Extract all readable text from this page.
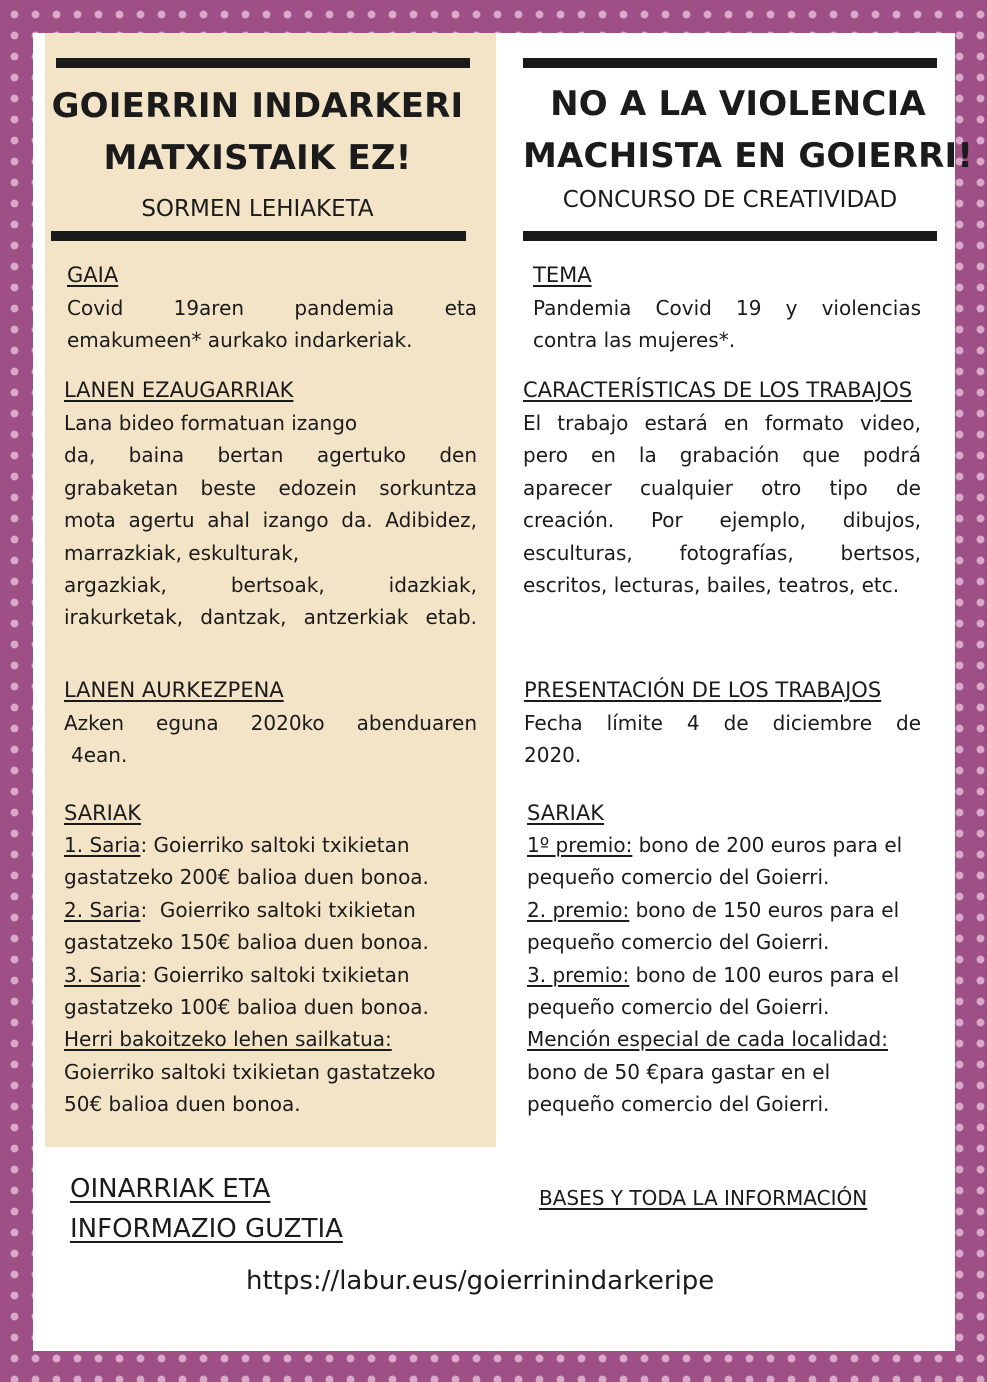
GOIERRIN INDARKERI
MATXISTAIK EZ!
SORMEN LEHIAKETA
NO A LA VIOLENCIA
MACHISTA EN GOIERRI!
CONCURSO DE CREATIVIDAD
GAIA
Covid 19aren pandemia eta
emakumeen* aurkako indarkeriak.
LANEN EZAUGARRIAK
Lana bideo formatuan izango
da, baina bertan agertuko den
grabaketan beste edozein sorkuntza
mota agertu ahal izango da. Adibidez,
marrazkiak, eskulturak,
argazkiak, bertsoak, idazkiak,
irakurketak, dantzak, antzerkiak etab.
LANEN AURKEZPENA
Azken eguna 2020ko abenduaren
4ean.
SARIAK
1. Saria: Goierriko saltoki txikietan
gastatzeko 200€ balioa duen bonoa.
2. Saria:  Goierriko saltoki txikietan
gastatzeko 150€ balioa duen bonoa.
3. Saria: Goierriko saltoki txikietan
gastatzeko 100€ balioa duen bonoa.
Herri bakoitzeko lehen sailkatua:
Goierriko saltoki txikietan gastatzeko
50€ balioa duen bonoa.
TEMA
Pandemia Covid 19 y violencias
contra las mujeres*.
CARACTERÍSTICAS DE LOS TRABAJOS
El trabajo estará en formato video,
pero en la grabación que podrá
aparecer cualquier otro tipo de
creación. Por ejemplo, dibujos,
esculturas, fotografías, bertsos,
escritos, lecturas, bailes, teatros, etc.
PRESENTACIÓN DE LOS TRABAJOS
Fecha límite 4 de diciembre de
2020.
SARIAK
1º premio: bono de 200 euros para el
pequeño comercio del Goierri.
2. premio: bono de 150 euros para el
pequeño comercio del Goierri.
3. premio: bono de 100 euros para el
pequeño comercio del Goierri.
Mención especial de cada localidad:
bono de 50 €para gastar en el
pequeño comercio del Goierri.
OINARRIAK ETA
INFORMAZIO GUZTIA
BASES Y TODA LA INFORMACIÓN
https://labur.eus/goierrinindarkeripe
